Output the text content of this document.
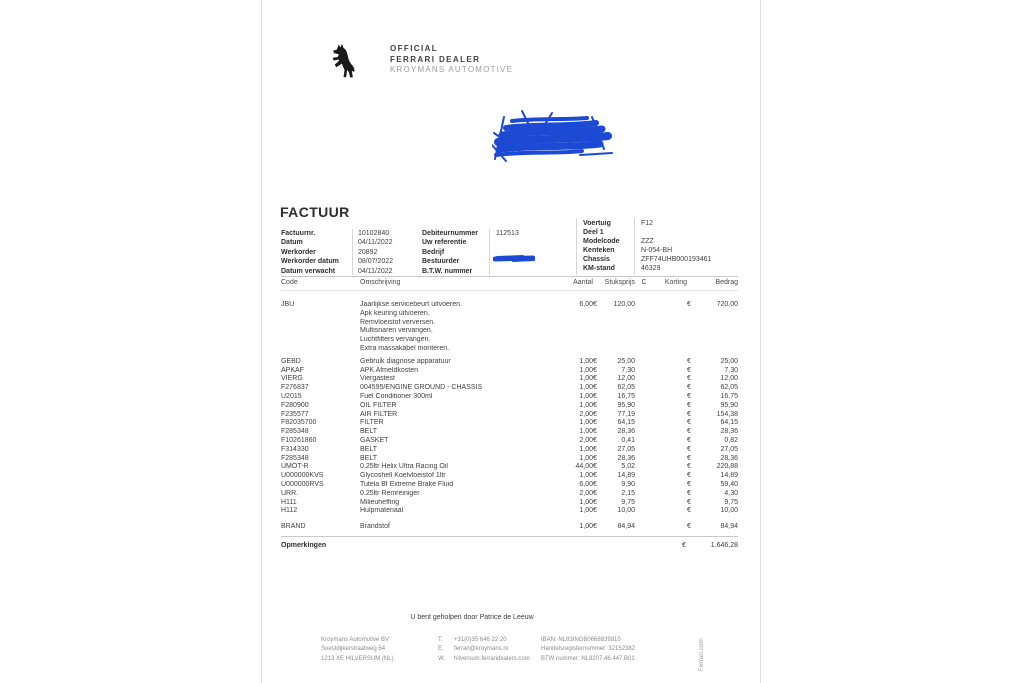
OFFICIAL
FERRARI DEALER
KROYMANS AUTOMOTIVE
FACTUUR
Factuurnr.	10102840
Datum	04/11/2022
Werkorder	20892
Werkorder datum	08/07/2022
Datum verwacht	04/11/2022
Debiteurnummer	112513
Uw referentie
Bedrijf
Bestuurder
B.T.W. nummer
Voertuig	F12
Deel 1
Modelcode	ZZZ
Kenteken	N-054-BH
Chassis	ZFF74UHB000193461
KM-stand	46329
Code	Omschrijving	Aantal	Stuksprijs	C	Korting	Bedrag
JBU	Jaarlijkse servicebeurt uitvoeren.	6,00	€	120,00			€	720,00
	Apk keuring uitvoeren.							
	Remvloeistof verversen.							
	Multisnaren vervangen.							
	Luchtfilters vervangen.							
	Extra massakabel monteren.							
GEBD	Gebruik diagnose apparatuur	1,00	€	25,00			€	25,00
APKAF	APK Afmeldkosten	1,00	€	7,30			€	7,30
VIERG	Viergastest	1,00	€	12,00			€	12,00
F276837	004595/ENGINE GROUND - CHASSIS	1,00	€	62,05			€	62,05
U2015	Fuel Conditioner 300ml	1,00	€	16,75			€	16,75
F280900	OIL FILTER	1,00	€	95,90			€	95,90
F235577	AIR FILTER	2,00	€	77,19			€	154,38
F82035700	FILTER	1,00	€	64,15			€	64,15
F285348	BELT	1,00	€	28,36			€	28,36
F10261860	GASKET	2,00	€	0,41			€	0,82
F314330	BELT	1,00	€	27,05			€	27,05
F285348	BELT	1,00	€	28,36			€	28,36
UMOT-R	0.25ltr Helix Ultra Racing Oil	44,00	€	5,02			€	220,88
U000000KVS	Glycoshell Koelvloeistof 1ltr	1,00	€	14,89			€	14,89
U000000RVS	Tutela Bf Extreme Brake Fluid	6,00	€	9,90			€	59,40
URR.	0.25ltr Remreiniger	2,00	€	2,15			€	4,30
H111	Milieuheffing	1,00	€	9,75			€	9,75
H112	Hulpmateriaal	1,00	€	10,00			€	10,00
BRAND	Brandstof	1,00	€	84,94			€	84,94
Opmerkingen	€	1.646,28
U bent geholpen door Patrice de Leeuw
Kroymans Automotive BV
Soestdijkerstraatweg 64
1213 XE HILVERSUM (NL)
T.	+31(0)35 646 22 20
E.	ferrari@kroymans.nl
W.	hilversum.ferraridealers.com
IBAN: NL83INGB0668839910
Handelsregisternummer: 32152382
BTW nummer: NL8207.46.447.B01	Ferrari.com
